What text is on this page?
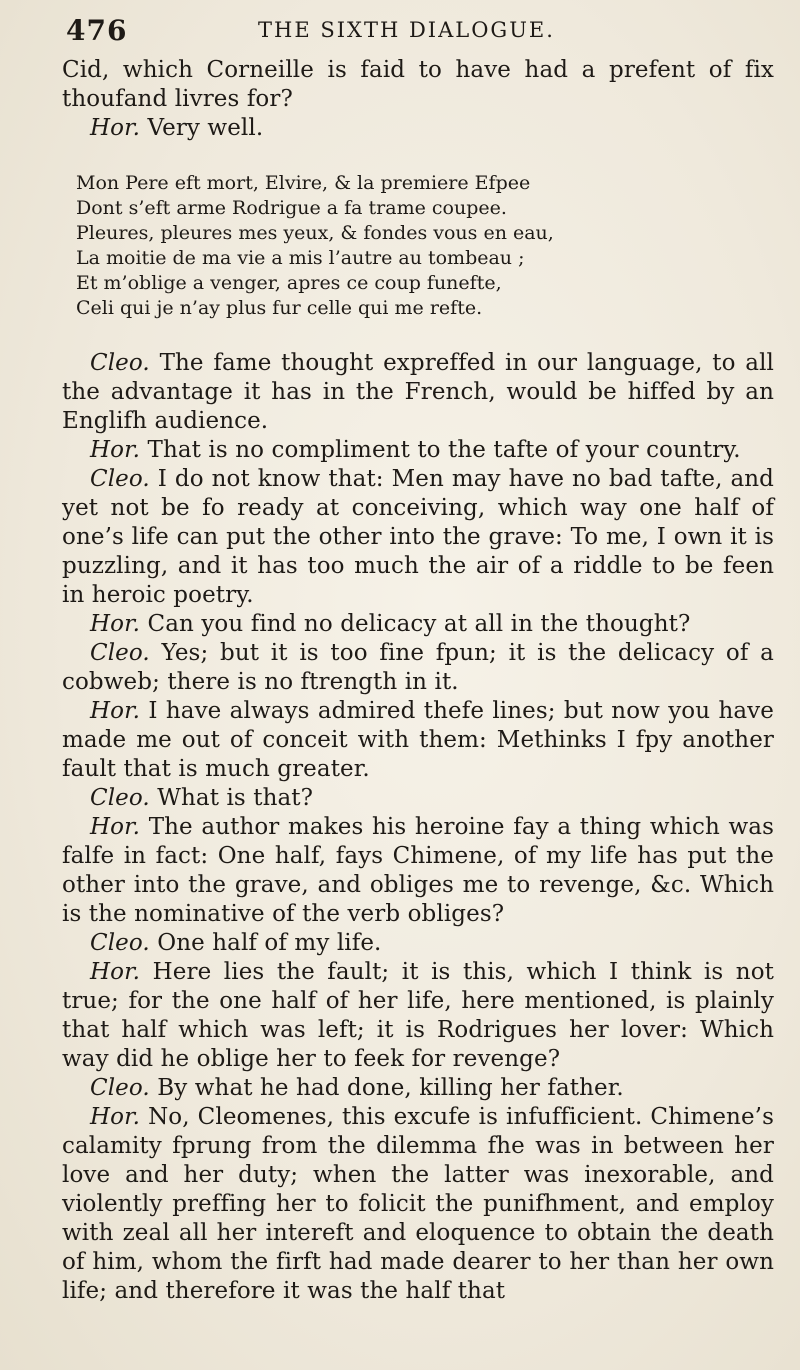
476	THE SIXTH DIALOGUE.

Cid, which Corneille is faid to have had a prefent of fix thoufand livres for?

Hor. Very well.

Mon Pere eft mort, Elvire, & la premiere Efpee
Dont s’eft arme Rodrigue a fa trame coupee.
Pleures, pleures mes yeux, & fondes vous en eau,
La moitie de ma vie a mis l’autre au tombeau ;
Et m’oblige a venger, apres ce coup funefte,
Celi qui je n’ay plus fur celle qui me refte.

Cleo. The fame thought expreffed in our language, to all the advantage it has in the French, would be hiffed by an Englifh audience.

Hor. That is no compliment to the tafte of your country.

Cleo. I do not know that: Men may have no bad tafte, and yet not be fo ready at conceiving, which way one half of one’s life can put the other into the grave: To me, I own it is puzzling, and it has too much the air of a riddle to be feen in heroic poetry.

Hor. Can you find no delicacy at all in the thought?

Cleo. Yes; but it is too fine fpun; it is the delicacy of a cobweb; there is no ftrength in it.

Hor. I have always admired thefe lines; but now you have made me out of conceit with them: Methinks I fpy another fault that is much greater.

Cleo. What is that?

Hor. The author makes his heroine fay a thing which was falfe in fact: One half, fays Chimene, of my life has put the other into the grave, and obliges me to revenge, &c. Which is the nominative of the verb obliges?

Cleo. One half of my life.

Hor. Here lies the fault; it is this, which I think is not true; for the one half of her life, here mentioned, is plainly that half which was left; it is Rodrigues her lover: Which way did he oblige her to feek for revenge?

Cleo. By what he had done, killing her father.

Hor. No, Cleomenes, this excufe is infufficient. Chimene’s calamity fprung from the dilemma fhe was in between her love and her duty; when the latter was inexorable, and violently preffing her to folicit the punifhment, and employ with zeal all her intereft and eloquence to obtain the death of him, whom the firft had made dearer to her than her own life; and therefore it was the half that
